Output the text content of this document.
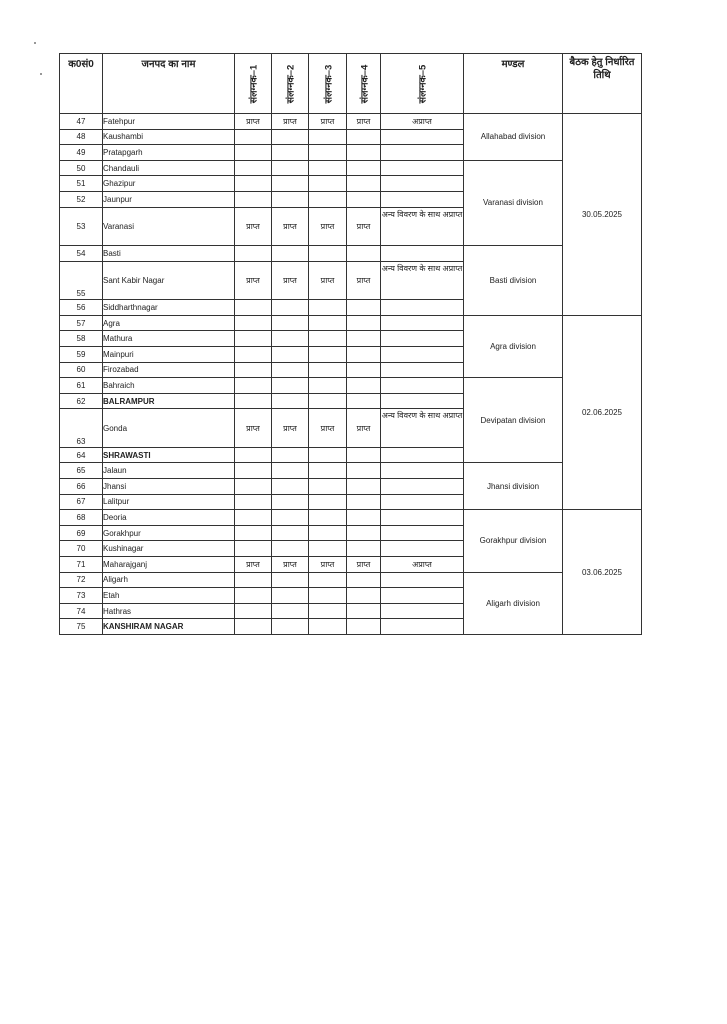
क0सं0	जनपद का नाम	संलग्नक–1	संलग्नक–2	संलग्नक–3	संलग्नक–4	संलग्नक–5	मण्डल	बैठक हेतु निर्धारित तिथि
47	Fatehpur	प्राप्त	प्राप्त	प्राप्त	प्राप्त	अप्राप्त	Allahabad division	30.05.2025
48	Kaushambi							
49	Pratapgarh							
50	Chandauli						Varanasi division	
51	Ghazipur							
52	Jaunpur							
53	Varanasi	प्राप्त	प्राप्त	प्राप्त	प्राप्त	अन्य विवरण के साथ अप्राप्त		
54	Basti						Basti division	
55	Sant Kabir Nagar	प्राप्त	प्राप्त	प्राप्त	प्राप्त	अन्य विवरण के साथ अप्राप्त		
56	Siddharthnagar							
57	Agra						Agra division	02.06.2025
58	Mathura							
59	Mainpuri							
60	Firozabad							
61	Bahraich						Devipatan division	
62	BALRAMPUR							
63	Gonda	प्राप्त	प्राप्त	प्राप्त	प्राप्त	अन्य विवरण के साथ अप्राप्त		
64	SHRAWASTI							
65	Jalaun						Jhansi division	
66	Jhansi							
67	Lalitpur							
68	Deoria						Gorakhpur division	03.06.2025
69	Gorakhpur							
70	Kushinagar							
71	Maharajganj	प्राप्त	प्राप्त	प्राप्त	प्राप्त	अप्राप्त		
72	Aligarh						Aligarh division	
73	Etah							
74	Hathras							
75	KANSHIRAM NAGAR							
